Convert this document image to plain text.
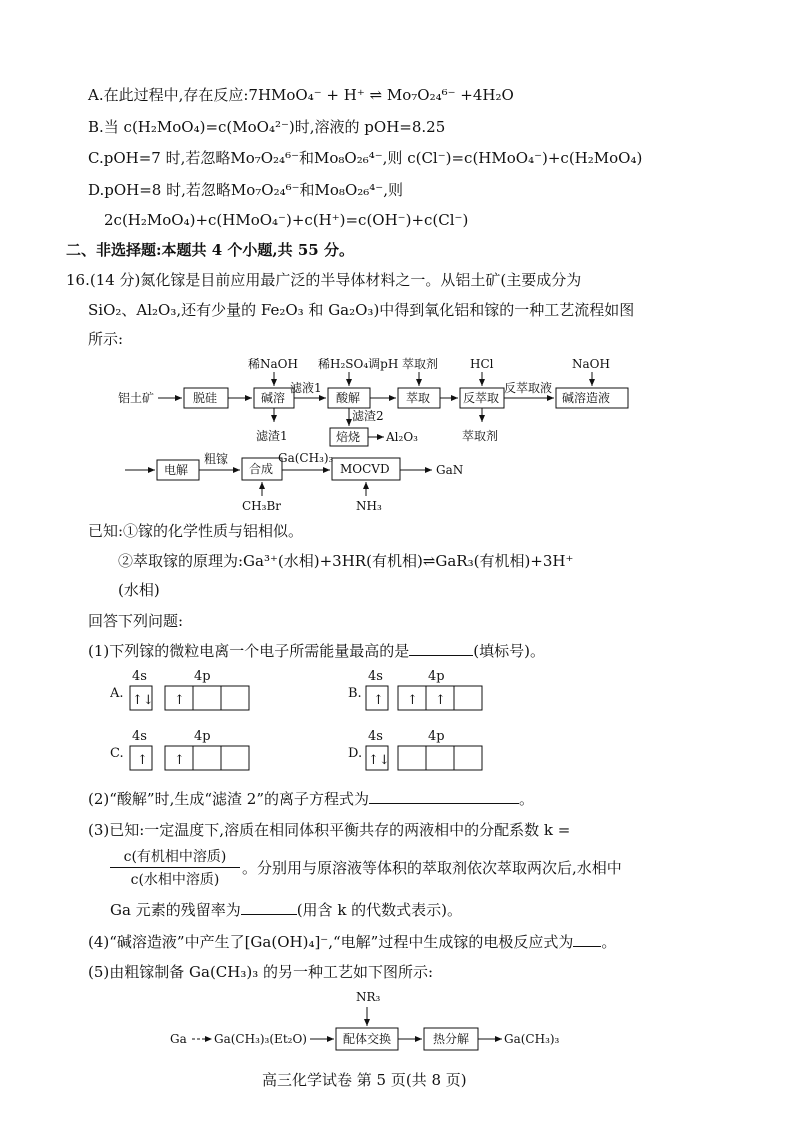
A.在此过程中,存在反应:7HMoO₄⁻ + H⁺ ⇌ Mo₇O₂₄⁶⁻ +4H₂O
B.当 c(H₂MoO₄)=c(MoO₄²⁻)时,溶液的 pOH=8.25
C.pOH=7 时,若忽略Mo₇O₂₄⁶⁻和Mo₈O₂₆⁴⁻,则 c(Cl⁻)=c(HMoO₄⁻)+c(H₂MoO₄)
D.pOH=8 时,若忽略Mo₇O₂₄⁶⁻和Mo₈O₂₆⁴⁻,则
2c(H₂MoO₄)+c(HMoO₄⁻)+c(H⁺)=c(OH⁻)+c(Cl⁻)
二、非选择题:本题共 4 个小题,共 55 分。
16.(14 分)氮化镓是目前应用最广泛的半导体材料之一。从铝土矿(主要成分为
SiO₂、Al₂O₃,还有少量的 Fe₂O₃ 和 Ga₂O₃)中得到氧化铝和镓的一种工艺流程如图
所示:
铝土矿	脱硅	碱溶
稀NaOH
滤渣1
滤液1
酸解
稀H₂SO₄调pH
滤渣2
焙烧 Al₂O₃
萃取
萃取剂
反萃取
HCl
萃取剂
反萃取液
碱溶造液
NaOH
电解
粗镓
合成
CH₃Br
Ga(CH₃)₃
MOCVD
NH₃
GaN
已知:①镓的化学性质与铝相似。
②萃取镓的原理为:Ga³⁺(水相)+3HR(有机相)⇌GaR₃(有机相)+3H⁺
(水相)
回答下列问题:
(1)下列镓的微粒电离一个电子所需能量最高的是	(填标号)。
A.
4s	4p
↑↓ ↑	B.
4s	4p
↑ ↑ ↑
C.
4s	4p
↑ ↑	D.
4s	4p
↑↓
(2)“酸解”时,生成“滤渣 2”的离子方程式为	。
(3)已知:一定温度下,溶质在相同体积平衡共存的两液相中的分配系数 k =
c(有机相中溶质)
c(水相中溶质)
。分别用与原溶液等体积的萃取剂依次萃取两次后,水相中
Ga 元素的残留率为	(用含 k 的代数式表示)。
(4)“碱溶造液”中产生了[Ga(OH)₄]⁻,“电解”过程中生成镓的电极反应式为 。
(5)由粗镓制备 Ga(CH₃)₃ 的另一种工艺如下图所示:
Ga Ga(CH₃)₃(Et₂O)	配体交换
NR₃
热分解	Ga(CH₃)₃
高三化学试卷 第 5 页(共 8 页)
